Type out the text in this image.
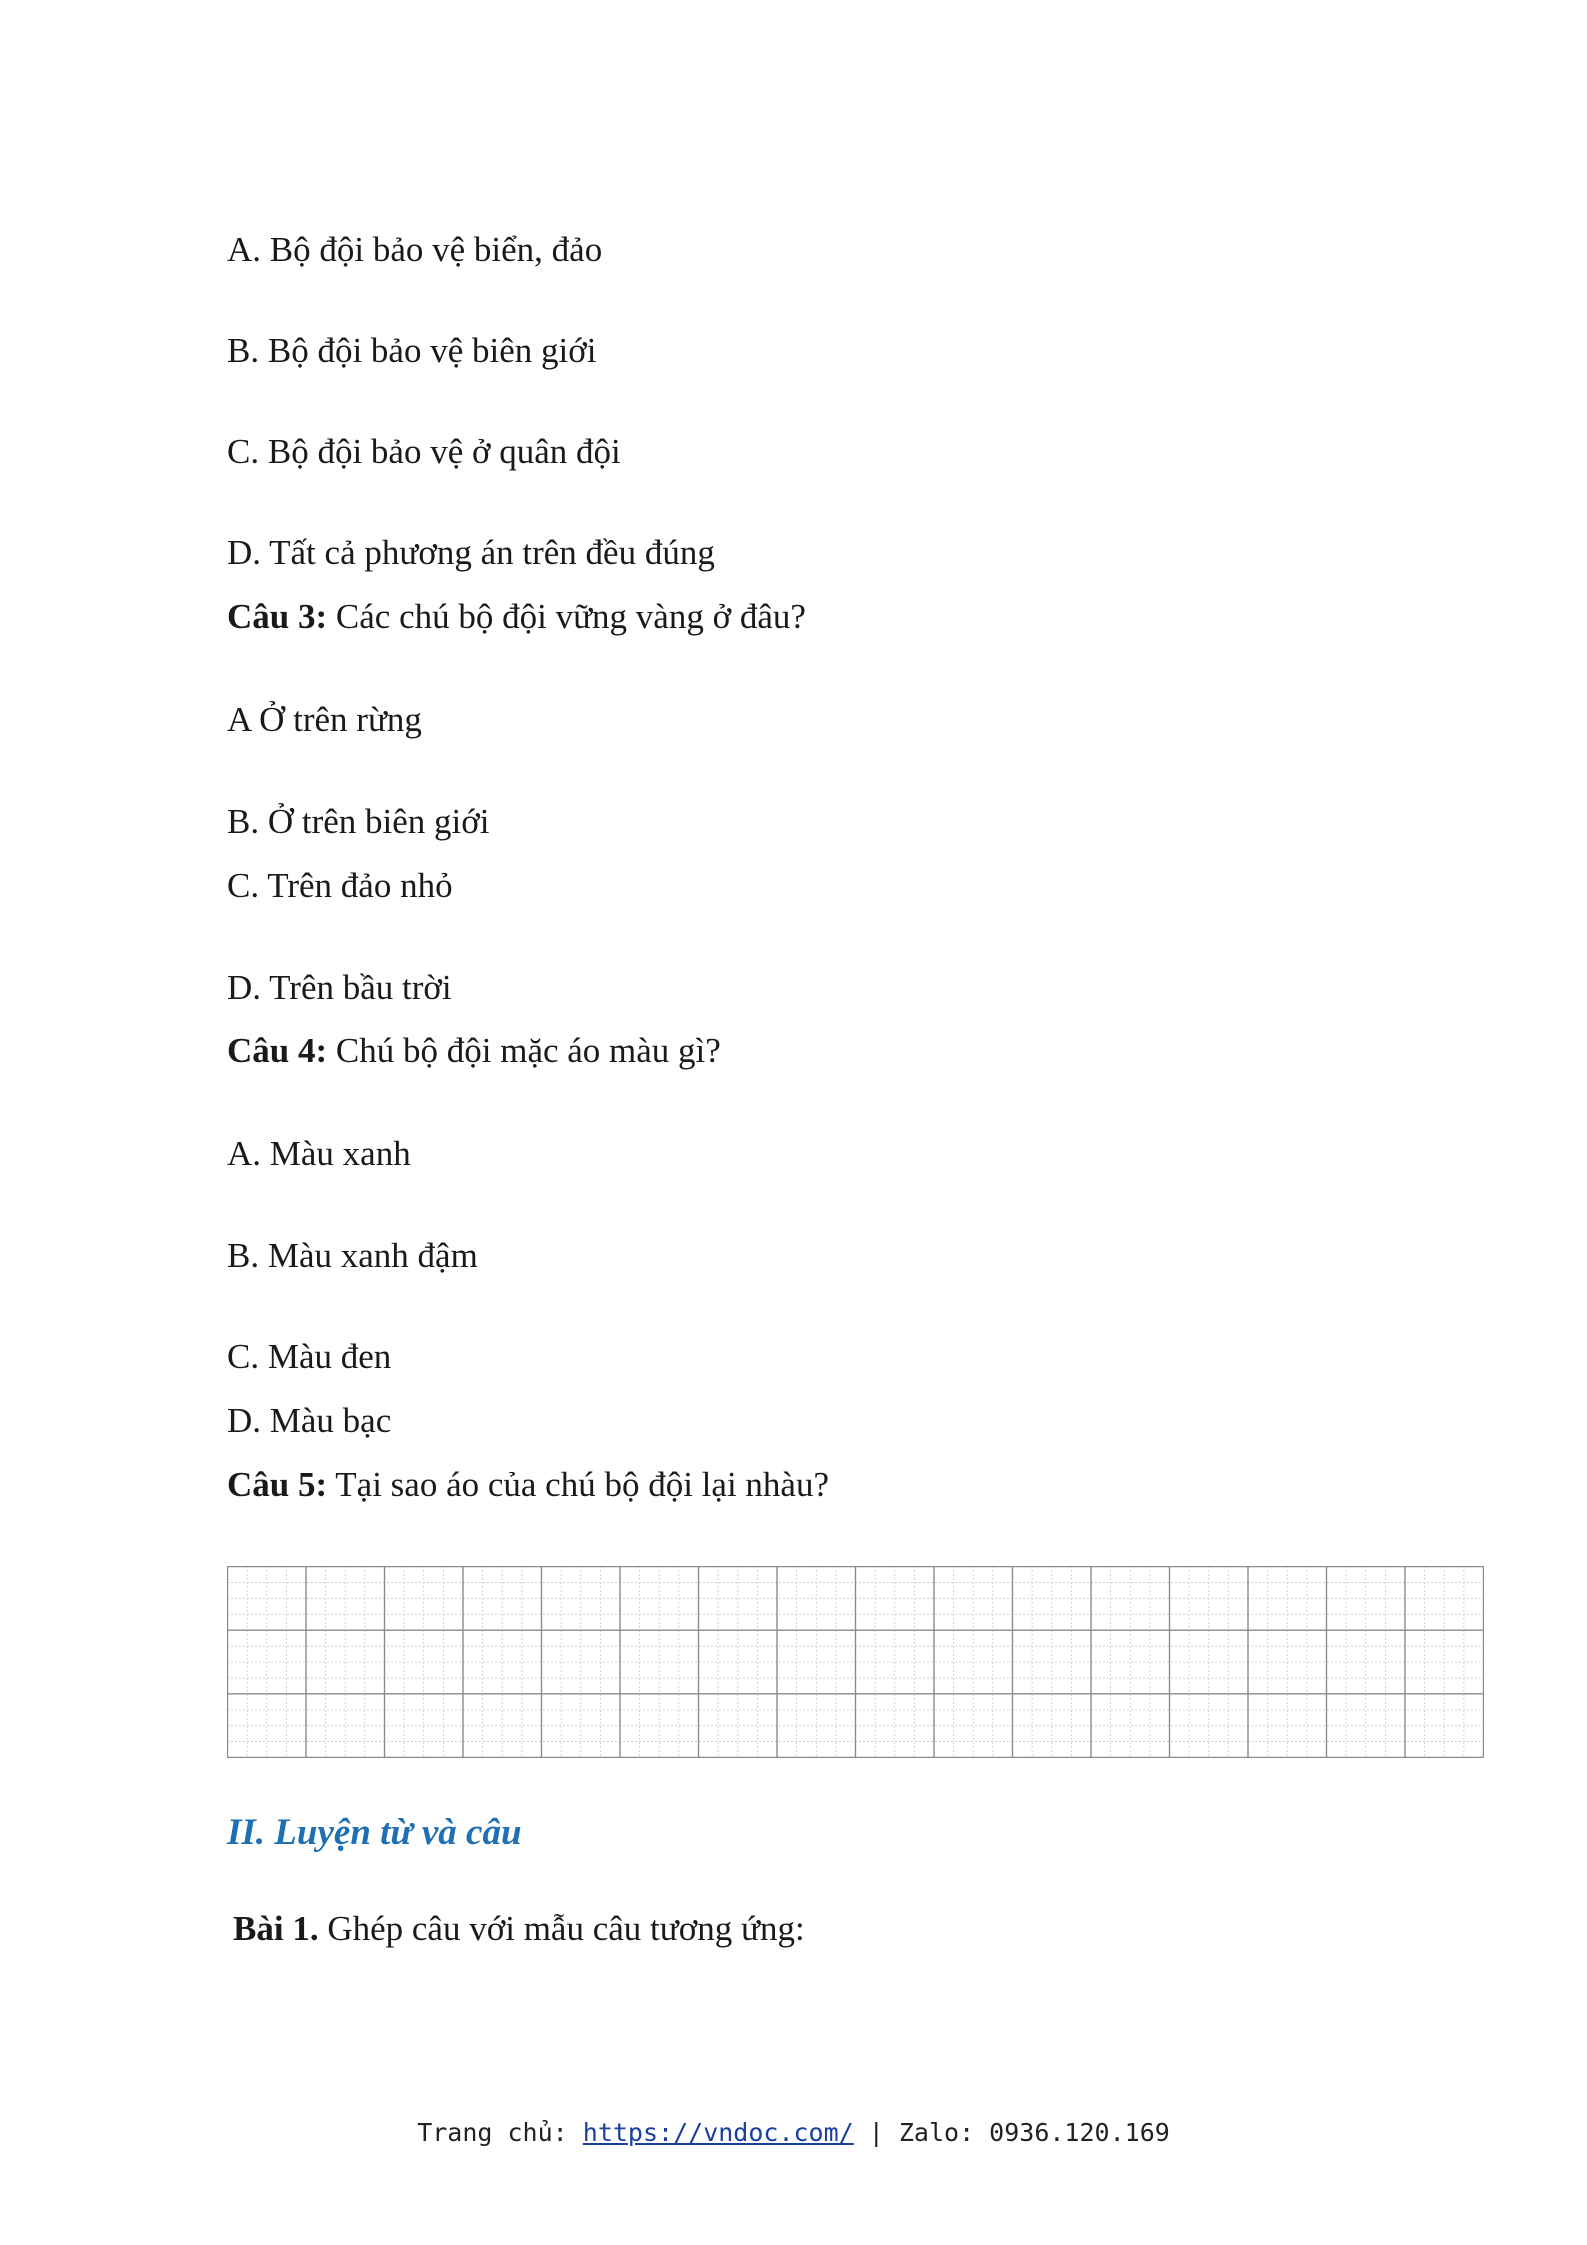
A. Bộ đội bảo vệ biển, đảo
B. Bộ đội bảo vệ biên giới
C. Bộ đội bảo vệ ở quân đội
D. Tất cả phương án trên đều đúng
Câu 3: Các chú bộ đội vững vàng ở đâu?
A Ở trên rừng
B. Ở trên biên giới
C. Trên đảo nhỏ
D. Trên bầu trời
Câu 4: Chú bộ đội mặc áo màu gì?
A. Màu xanh
B. Màu xanh đậm
C. Màu đen
D. Màu bạc
Câu 5: Tại sao áo của chú bộ đội lại nhàu?
II. Luyện từ và câu
Bài 1. Ghép câu với mẫu câu tương ứng:
Trang chủ: https://vndoc.com/ | Zalo: 0936.120.169
